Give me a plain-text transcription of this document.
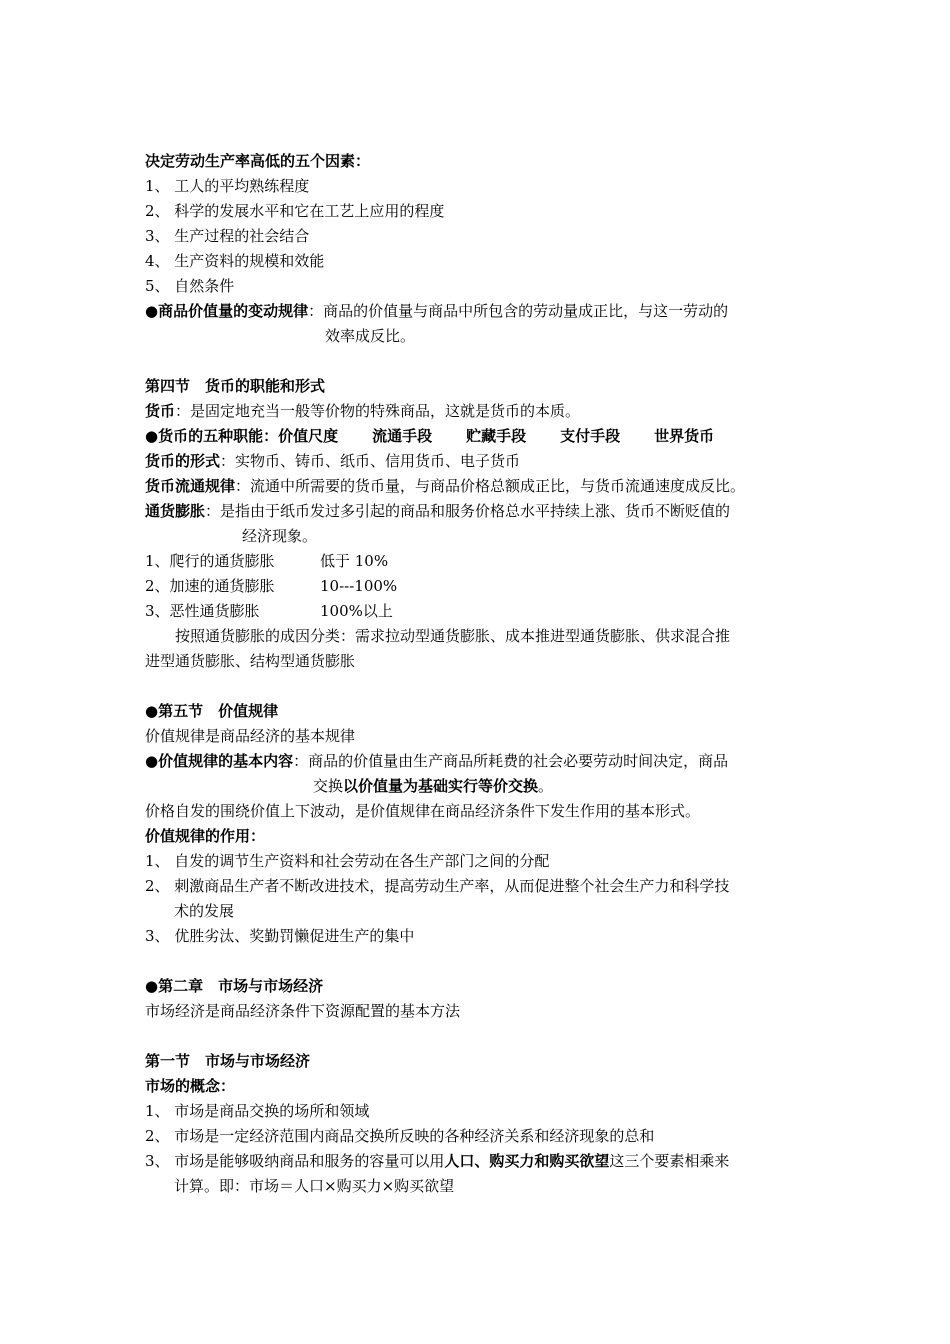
决定劳动生产率高低的五个因素：
1、 工人的平均熟练程度
2、 科学的发展水平和它在工艺上应用的程度
3、 生产过程的社会结合
4、 生产资料的规模和效能
5、 自然条件
●商品价值量的变动规律：商品的价值量与商品中所包含的劳动量成正比，与这一劳动的
效率成反比。
第四节　货币的职能和形式
货币：是固定地充当一般等价物的特殊商品，这就是货币的本质。
●货币的五种职能：价值尺度 流通手段 贮藏手段 支付手段 世界货币
货币的形式：实物币、铸币、纸币、信用货币、电子货币
货币流通规律：流通中所需要的货币量，与商品价格总额成正比，与货币流通速度成反比。
通货膨胀：是指由于纸币发过多引起的商品和服务价格总水平持续上涨、货币不断贬值的
经济现象。
1、爬行的通货膨胀	低于 10%
2、加速的通货膨胀	10---100%
3、恶性通货膨胀	100%以上
按照通货膨胀的成因分类：需求拉动型通货膨胀、成本推进型通货膨胀、供求混合推
进型通货膨胀、结构型通货膨胀
●第五节　价值规律
价值规律是商品经济的基本规律
●价值规律的基本内容：商品的价值量由生产商品所耗费的社会必要劳动时间决定，商品
交换以价值量为基础实行等价交换。
价格自发的围绕价值上下波动，是价值规律在商品经济条件下发生作用的基本形式。
价值规律的作用：
1、 自发的调节生产资料和社会劳动在各生产部门之间的分配
2、 刺激商品生产者不断改进技术，提高劳动生产率，从而促进整个社会生产力和科学技
术的发展
3、 优胜劣汰、奖勤罚懒促进生产的集中
●第二章　市场与市场经济
市场经济是商品经济条件下资源配置的基本方法
第一节　市场与市场经济
市场的概念：
1、 市场是商品交换的场所和领域
2、 市场是一定经济范围内商品交换所反映的各种经济关系和经济现象的总和
3、 市场是能够吸纳商品和服务的容量可以用人口、购买力和购买欲望这三个要素相乘来
计算。即：市场＝人口×购买力×购买欲望
